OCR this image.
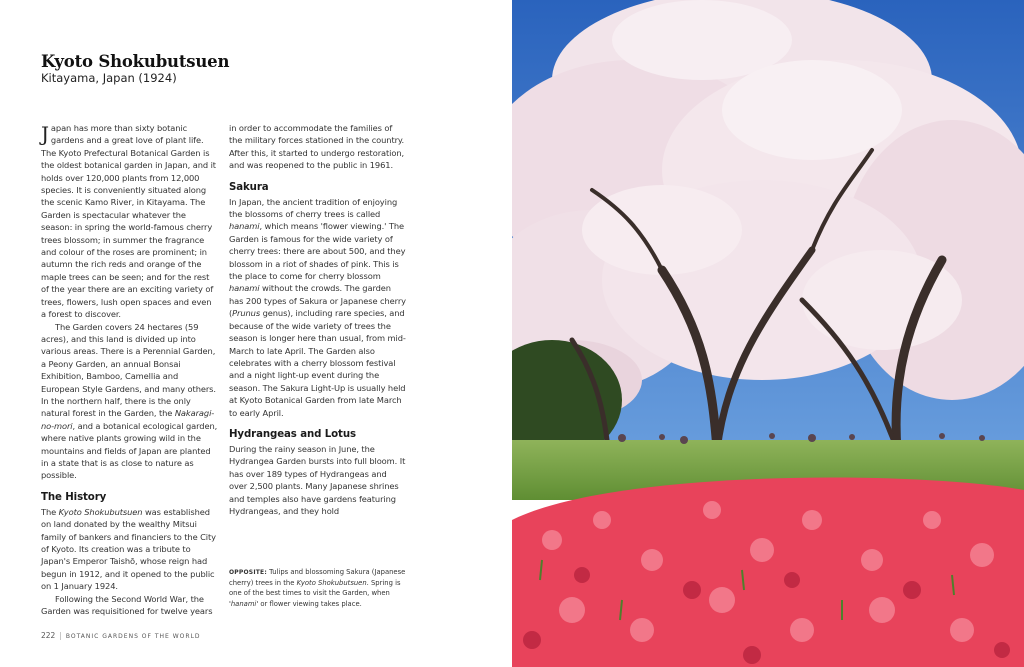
Kyoto Shokubutsuen

Kitayama, Japan (1924)

Japan has more than sixty botanic gardens and a great love of plant life. The Kyoto Prefectural Botanical Garden is the oldest botanical garden in Japan, and it holds over 120,000 plants from 12,000 species. It is conveniently situated along the scenic Kamo River, in Kitayama. The Garden is spectacular whatever the season: in spring the world-famous cherry trees blossom; in summer the fragrance and colour of the roses are prominent; in autumn the rich reds and orange of the maple trees can be seen; and for the rest of the year there are an exciting variety of trees, flowers, lush open spaces and even a forest to discover.

The Garden covers 24 hectares (59 acres), and this land is divided up into various areas. There is a Perennial Garden, a Peony Garden, an annual Bonsai Exhibition, Bamboo, Camellia and European Style Gardens, and many others. In the northern half, there is the only natural forest in the Garden, the Nakaragi-no-mori, and a botanical ecological garden, where native plants growing wild in the mountains and fields of Japan are planted in a state that is as close to nature as possible.

The History

The Kyoto Shokubutsuen was established on land donated by the wealthy Mitsui family of bankers and financiers to the City of Kyoto. Its creation was a tribute to Japan's Emperor Taishō, whose reign had begun in 1912, and it opened to the public on 1 January 1924.

Following the Second World War, the Garden was requisitioned for twelve years

in order to accommodate the families of the military forces stationed in the country. After this, it started to undergo restoration, and was reopened to the public in 1961.

Sakura

In Japan, the ancient tradition of enjoying the blossoms of cherry trees is called hanami, which means 'flower viewing.' The Garden is famous for the wide variety of cherry trees: there are about 500, and they blossom in a riot of shades of pink. This is the place to come for cherry blossom hanami without the crowds. The garden has 200 types of Sakura or Japanese cherry (Prunus genus), including rare species, and because of the wide variety of trees the season is longer here than usual, from mid-March to late April. The Garden also celebrates with a cherry blossom festival and a night light-up event during the season. The Sakura Light-Up is usually held at Kyoto Botanical Garden from late March to early April.

Hydrangeas and Lotus

During the rainy season in June, the Hydrangea Garden bursts into full bloom. It has over 189 types of Hydrangeas and over 2,500 plants. Many Japanese shrines and temples also have gardens featuring Hydrangeas, and they hold

OPPOSITE: Tulips and blossoming Sakura (Japanese cherry) trees in the Kyoto Shokubutsuen. Spring is one of the best times to visit the Garden, when 'hanami' or flower viewing takes place.

222 | BOTANIC GARDENS OF THE WORLD
